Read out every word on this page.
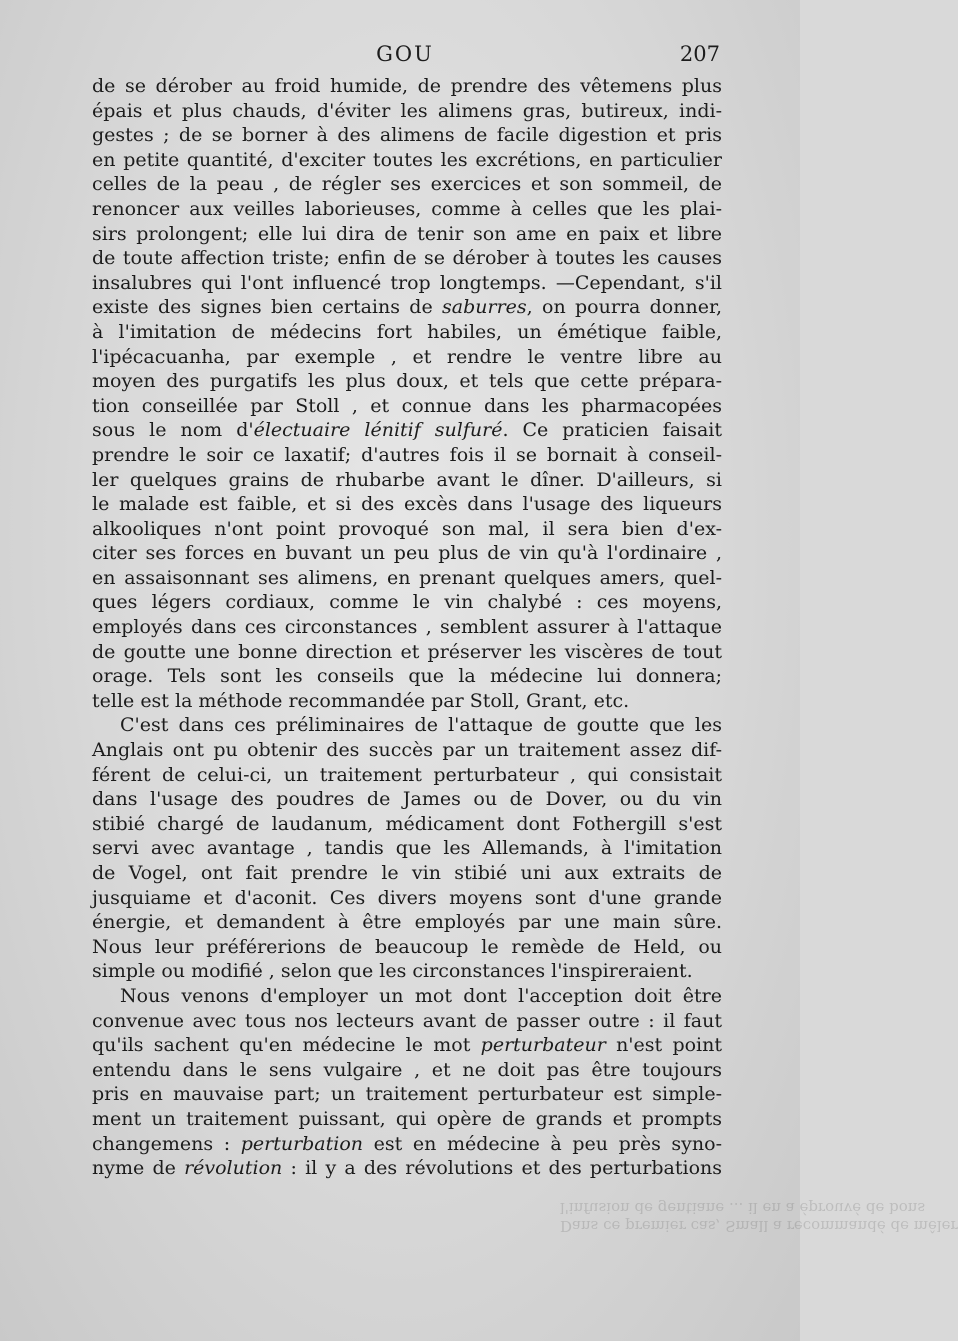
Dans ce premier cas, Small a recommandé de mêler
l'infusion de gentiane ... il en a éprouvé de bons
GOU	207
de se dérober au froid humide, de prendre des vêtemens plus
épais et plus chauds, d'éviter les alimens gras, butireux, indi-
gestes ; de se borner à des alimens de facile digestion et pris
en petite quantité, d'exciter toutes les excrétions, en particulier
celles de la peau , de régler ses exercices et son sommeil, de
renoncer aux veilles laborieuses, comme à celles que les plai-
sirs prolongent; elle lui dira de tenir son ame en paix et libre
de toute affection triste; enfin de se dérober à toutes les causes
insalubres qui l'ont influencé trop longtemps. —Cependant, s'il
existe des signes bien certains de saburres, on pourra donner,
à l'imitation de médecins fort habiles, un émétique faible,
l'ipécacuanha, par exemple , et rendre le ventre libre au
moyen des purgatifs les plus doux, et tels que cette prépara-
tion conseillée par Stoll , et connue dans les pharmacopées
sous le nom d'électuaire lénitif sulfuré. Ce praticien faisait
prendre le soir ce laxatif; d'autres fois il se bornait à conseil-
ler quelques grains de rhubarbe avant le dîner. D'ailleurs, si
le malade est faible, et si des excès dans l'usage des liqueurs
alkooliques n'ont point provoqué son mal, il sera bien d'ex-
citer ses forces en buvant un peu plus de vin qu'à l'ordinaire ,
en assaisonnant ses alimens, en prenant quelques amers, quel-
ques légers cordiaux, comme le vin chalybé : ces moyens,
employés dans ces circonstances , semblent assurer à l'attaque
de goutte une bonne direction et préserver les viscères de tout
orage. Tels sont les conseils que la médecine lui donnera;
telle est la méthode recommandée par Stoll, Grant, etc.
C'est dans ces préliminaires de l'attaque de goutte que les
Anglais ont pu obtenir des succès par un traitement assez dif-
férent de celui-ci, un traitement perturbateur , qui consistait
dans l'usage des poudres de James ou de Dover, ou du vin
stibié chargé de laudanum, médicament dont Fothergill s'est
servi avec avantage , tandis que les Allemands, à l'imitation
de Vogel, ont fait prendre le vin stibié uni aux extraits de
jusquiame et d'aconit. Ces divers moyens sont d'une grande
énergie, et demandent à être employés par une main sûre.
Nous leur préférerions de beaucoup le remède de Held, ou
simple ou modifié , selon que les circonstances l'inspireraient.
Nous venons d'employer un mot dont l'acception doit être
convenue avec tous nos lecteurs avant de passer outre : il faut
qu'ils sachent qu'en médecine le mot perturbateur n'est point
entendu dans le sens vulgaire , et ne doit pas être toujours
pris en mauvaise part; un traitement perturbateur est simple-
ment un traitement puissant, qui opère de grands et prompts
changemens : perturbation est en médecine à peu près syno-
nyme de révolution : il y a des révolutions et des perturbations
